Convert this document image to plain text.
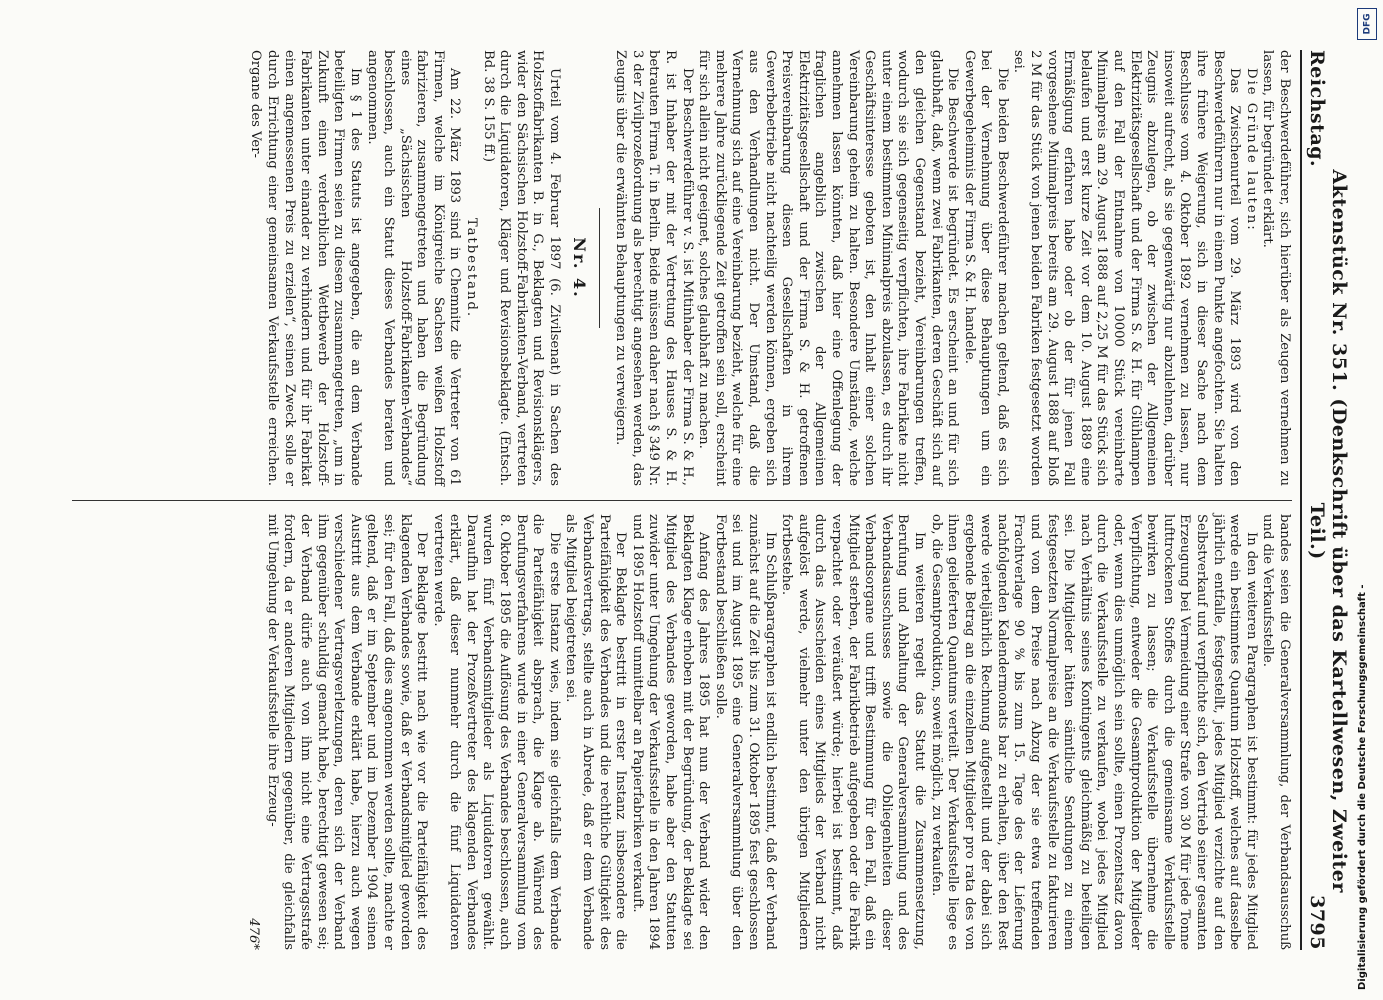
Reichstag.
Aktenstück Nr. 351. (Denkschrift über das Kartellwesen, Zweiter Teil.)
3795

der Beschwerdeführer, sich hierüber als Zeugen vernehmen zu lassen, für begründet erklärt.

Die Gründe lauten:

Das Zwischenurteil vom 29. März 1893 wird von den Beschwerdeführern nur in einem Punkte angefochten. Sie halten ihre frühere Weigerung, sich in dieser Sache nach dem Beschlusse vom 4. Oktober 1892 vernehmen zu lassen, nur insoweit aufrecht, als sie gegenwärtig nur abzulehnen, darüber Zeugnis abzulegen, ob der zwischen der Allgemeinen Elektrizitätsgesellschaft und der Firma S. & H. für Glühlampen auf den Fall der Entnahme von 10000 Stück vereinbarte Minimalpreis am 29. August 1888 auf 2,25 M für das Stück sich belaufen und erst kurze Zeit vor dem 10. August 1889 eine Ermäßigung erfahren habe oder ob der für jenen Fall vorgesehene Minimalpreis bereits am 29. August 1888 auf bloß 2 M für das Stück von jenen beiden Fabriken festgesetzt worden sei.

Die beiden Beschwerdeführer machen geltend, daß es sich bei der Vernehmung über diese Behauptungen um ein Gewerbegeheimnis der Firma S. & H. handele.

Die Beschwerde ist begründet. Es erscheint an und für sich glaubhaft, daß, wenn zwei Fabrikanten, deren Geschäft sich auf den gleichen Gegenstand bezieht, Vereinbarungen treffen, wodurch sie sich gegenseitig verpflichten, ihre Fabrikate nicht unter einem bestimmten Minimalpreis abzulassen, es durch ihr Geschäftsinteresse geboten ist, den Inhalt einer solchen Vereinbarung geheim zu halten. Besondere Umstände, welche annehmen lassen könnten, daß hier eine Offenlegung der fraglichen angeblich zwischen der Allgemeinen Elektrizitätsgesellschaft und der Firma S. & H. getroffenen Preisvereinbarung diesen Gesellschaften in ihrem Gewerbebetriebe nicht nachteilig werden können, ergeben sich aus den Verhandlungen nicht. Der Umstand, daß die Vernehmung sich auf eine Vereinbarung bezieht, welche für eine mehrere Jahre zurückliegende Zeit getroffen sein soll, erscheint für sich allein nicht geeignet, solches glaubhaft zu machen.

Der Beschwerdeführer v. S. ist Mitinhaber der Firma S. & H., R. ist Inhaber der mit der Vertretung des Hauses S. & H. betrauten Firma T. in Berlin. Beide müssen daher nach § 349 Nr. 3 der Zivilprozeßordnung als berechtigt angesehen werden, das Zeugnis über die erwähnten Behauptungen zu verweigern.

Nr. 4.

Urteil vom 4. Februar 1897 (6. Zivilsenat) in Sachen des Holzstoffabrikanten B. in G., Beklagten und Revisionsklägers, wider den Sächsischen Holzstoff-Fabrikanten-Verband, vertreten durch die Liquidatoren, Kläger und Revisionsbeklagte. (Entsch. Bd. 38 S. 155 ff.)

Tatbestand.

Am 22. März 1893 sind in Chemnitz die Vertreter von 61 Firmen, welche im Königreiche Sachsen weißen Holzstoff fabrizieren, zusammengetreten und haben die Begründung eines „Sächsischen Holzstoff-Fabrikanten-Verbandes“ beschlossen, auch ein Statut dieses Verbandes beraten und angenommen.

Im § 1 des Statuts ist angegeben, die an dem Verbande beteiligten Firmen seien zu diesem zusammengetreten, „um in Zukunft einen verderblichen Wettbewerb der Holzstoff-Fabrikanten unter einander zu verhindern und für ihr Fabrikat einen angemessenen Preis zu erzielen“, seinen Zweck solle er durch Errichtung einer gemeinsamen Verkaufsstelle erreichen. Organe des Ver-

bandes seien die Generalversammlung, der Verbandsausschuß und die Verkaufsstelle.

In den weiteren Paragraphen ist bestimmt: für jedes Mitglied werde ein bestimmtes Quantum Holzstoff, welches auf dasselbe jährlich entfalle, festgestellt, jedes Mitglied verzichte auf den Selbstverkauf und verpflichte sich, den Vertrieb seiner gesamten Erzeugung bei Vermeidung einer Strafe von 30 M für jede Tonne lufttrockenen Stoffes durch die gemeinsame Verkaufsstelle bewirken zu lassen; die Verkaufsstelle übernehme die Verpflichtung, entweder die Gesamtproduktion der Mitglieder oder, wenn dies unmöglich sein sollte, einen Prozentsatz davon durch die Verkaufsstelle zu verkaufen, wobei jedes Mitglied nach Verhältnis seines Kontingents gleichmäßig zu beteiligen sei. Die Mitglieder hätten sämtliche Sendungen zu einem festgesetzten Normalpreise an die Verkaufsstelle zu fakturieren und von dem Preise nach Abzug der sie etwa treffenden Frachtverlage 90 % bis zum 15. Tage des der Lieferung nachfolgenden Kalendermonats bar zu erhalten, über den Rest werde vierteljährlich Rechnung aufgestellt und der dabei sich ergebende Betrag an die einzelnen Mitglieder pro rata des von ihnen gelieferten Quantums verteilt. Der Verkaufsstelle liege es ob, die Gesamtproduktion, soweit möglich, zu verkaufen.

Im weiteren regelt das Statut die Zusammensetzung, Berufung und Abhaltung der Generalversammlung und des Verbandsausschusses sowie die Obliegenheiten dieser Verbandsorgane und trifft Bestimmung für den Fall, daß ein Mitglied sterben, der Fabrikbetrieb aufgegeben oder die Fabrik verpachtet oder veräußert würde; hierbei ist bestimmt, daß durch das Ausscheiden eines Mitglieds der Verband nicht aufgelöst werde, vielmehr unter den übrigen Mitgliedern fortbestehe.

Im Schlußparagraphen ist endlich bestimmt, daß der Verband zunächst auf die Zeit bis zum 31. Oktober 1895 fest geschlossen sei und im August 1895 eine Generalversammlung über den Fortbestand beschließen solle.

Anfang des Jahres 1895 hat nun der Verband wider den Beklagten Klage erhoben mit der Begründung, der Beklagte sei Mitglied des Verbandes geworden, habe aber den Statuten zuwider unter Umgehung der Verkaufsstelle in den Jahren 1894 und 1895 Holzstoff unmittelbar an Papierfabriken verkauft.

Der Beklagte bestritt in erster Instanz insbesondere die Parteifähigkeit des Verbandes und die rechtliche Gültigkeit des Verbandsvertrags, stellte auch in Abrede, daß er dem Verbande als Mitglied beigetreten sei.

Die erste Instanz wies, indem sie gleichfalls dem Verbande die Parteifähigkeit absprach, die Klage ab. Während des Berufungsverfahrens wurde in einer Generalversammlung vom 8. Oktober 1895 die Auflösung des Verbandes beschlossen, auch wurden fünf Verbandsmitglieder als Liquidatoren gewählt. Daraufhin hat der Prozeßvertreter des klagenden Verbandes erklärt, daß dieser nunmehr durch die fünf Liquidatoren vertreten werde.

Der Beklagte bestritt nach wie vor die Parteifähigkeit des klagenden Verbandes sowie, daß er Verbandsmitglied geworden sei; für den Fall, daß dies angenommen werden sollte, machte er geltend, daß er im September und im Dezember 1904 seinen Austritt aus dem Verbande erklärt habe, hierzu auch wegen verschiedener Vertragsverletzungen, deren sich der Verband ihm gegenüber schuldig gemacht habe, berechtigt gewesen sei; der Verband dürfe auch von ihm nicht eine Vertragsstrafe fordern, da er anderen Mitgliedern gegenüber, die gleichfalls mit Umgehung der Verkaufsstelle ihre Erzeug-

476*	Digitalisierung gefördert durch die Deutsche Forschungsgemeinschaft -
DFG
